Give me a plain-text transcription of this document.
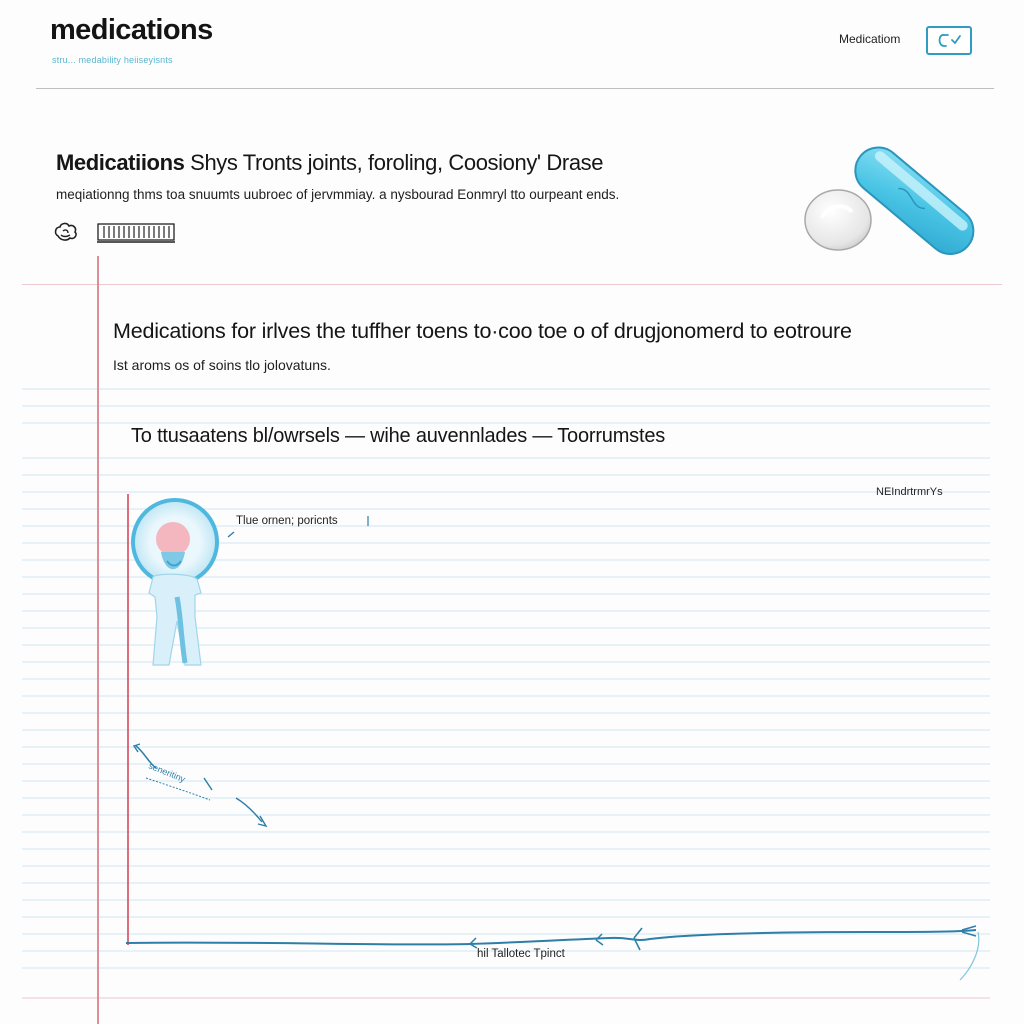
medications
stru... medability heiiseyisnts
Medicatiom
Medicatiions Shys Tronts joints, foroling, Coosiony' Drase
meqiationng thms toa snuumts uubroec of jervmmiay. a nysbourad Eonmryl tto ourpeant ends.
Medications for irlves the tuffher toens to·coo toe o of drugjonomerd to eotroure
Ist aroms os of soins tlo jolovatuns.
To ttusaatens bl/owrsels — wihe auvennlades — Toorrumstes
seneritiny
NEIndrtrmrYs
Tlue ornen; poricnts
hil Tallotec Tpinct
